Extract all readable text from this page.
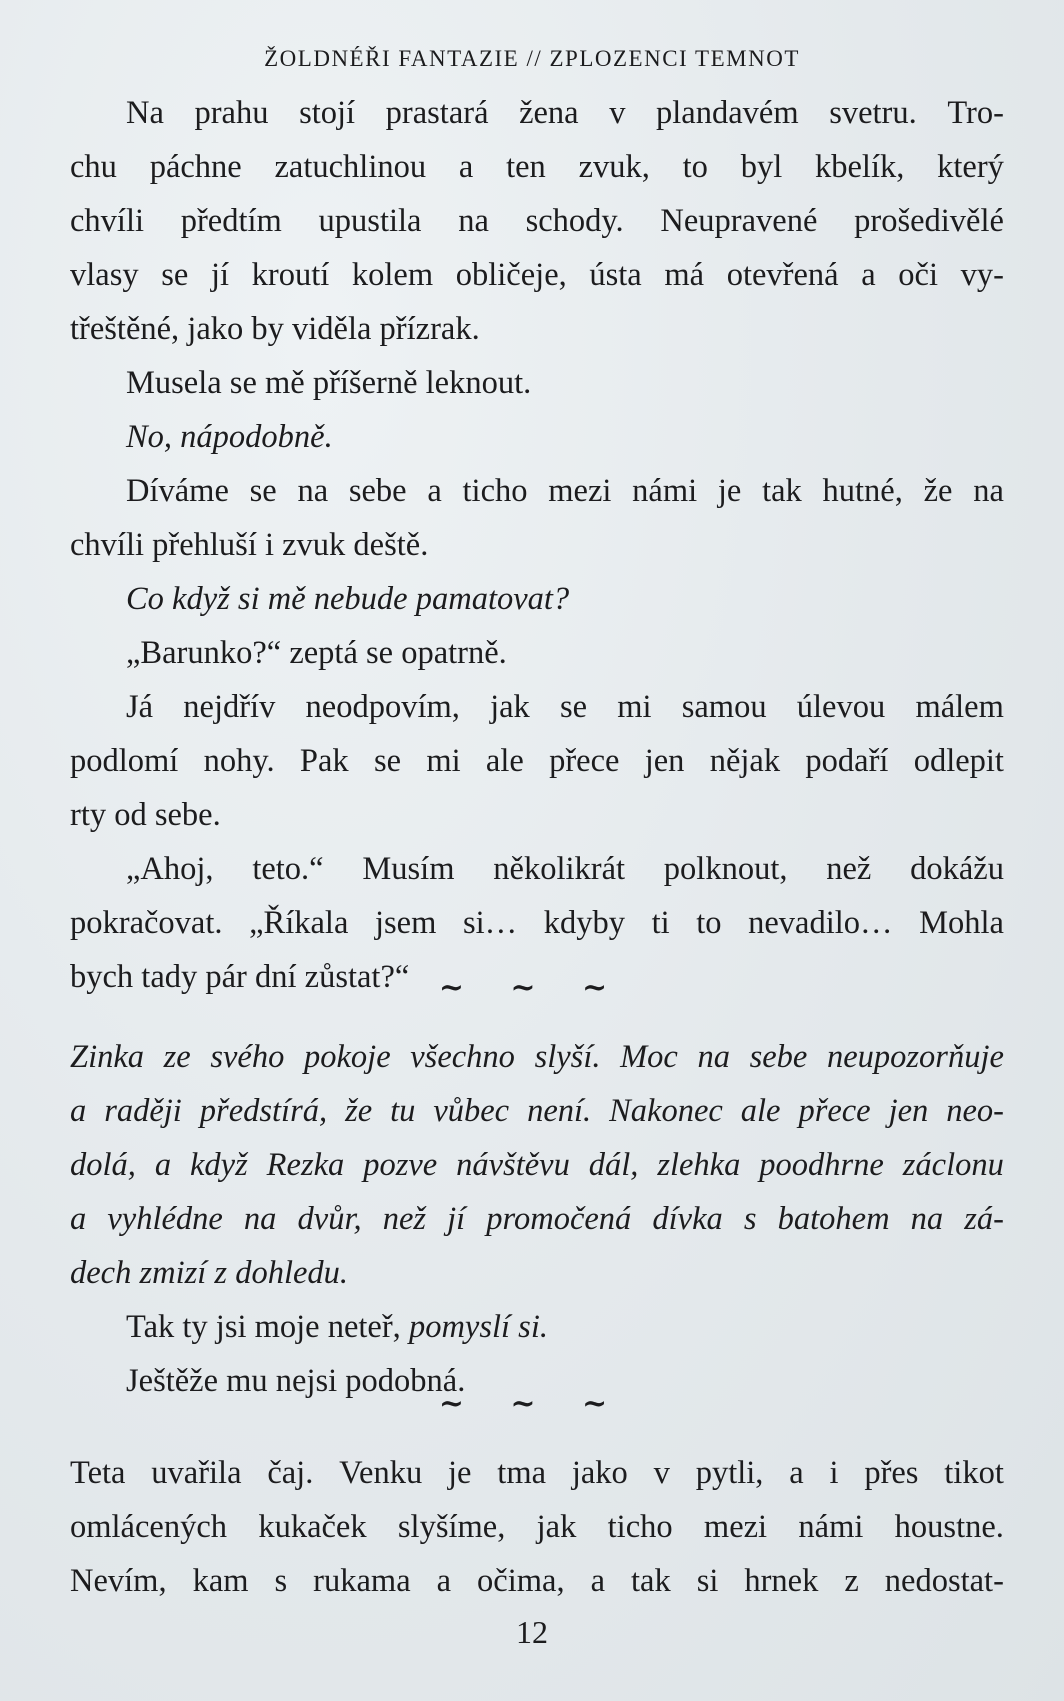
ŽOLDNÉŘI FANTAZIE // ZPLOZENCI TEMNOT
Na prahu stojí prastará žena v plandavém svetru. Tro-
chu páchne zatuchlinou a ten zvuk, to byl kbelík, který
chvíli předtím upustila na schody. Neupravené prošedivělé
vlasy se jí kroutí kolem obličeje, ústa má otevřená a oči vy-
třeštěné, jako by viděla přízrak.
Musela se mě příšerně leknout.
No, nápodobně.
Díváme se na sebe a ticho mezi námi je tak hutné, že na
chvíli přehluší i zvuk deště.
Co když si mě nebude pamatovat?
„Barunko?“ zeptá se opatrně.
Já nejdřív neodpovím, jak se mi samou úlevou málem
podlomí nohy. Pak se mi ale přece jen nějak podaří odlepit
rty od sebe.
„Ahoj, teto.“ Musím několikrát polknout, než dokážu
pokračovat. „Říkala jsem si… kdyby ti to nevadilo… Mohla
bych tady pár dní zůstat?“ ~ ~ ~
Zinka ze svého pokoje všechno slyší. Moc na sebe neupozorňuje
a raději předstírá, že tu vůbec není. Nakonec ale přece jen neo-
dolá, a když Rezka pozve návštěvu dál, zlehka poodhrne záclonu
a vyhlédne na dvůr, než jí promočená dívka s batohem na zá-
dech zmizí z dohledu.
Tak ty jsi moje neteř, pomyslí si.
Ještěže mu nejsi podobná.
~ ~ ~
Teta uvařila čaj. Venku je tma jako v pytli, a i přes tikot
omlácených kukaček slyšíme, jak ticho mezi námi houstne.
Nevím, kam s rukama a očima, a tak si hrnek z nedostat-
12
